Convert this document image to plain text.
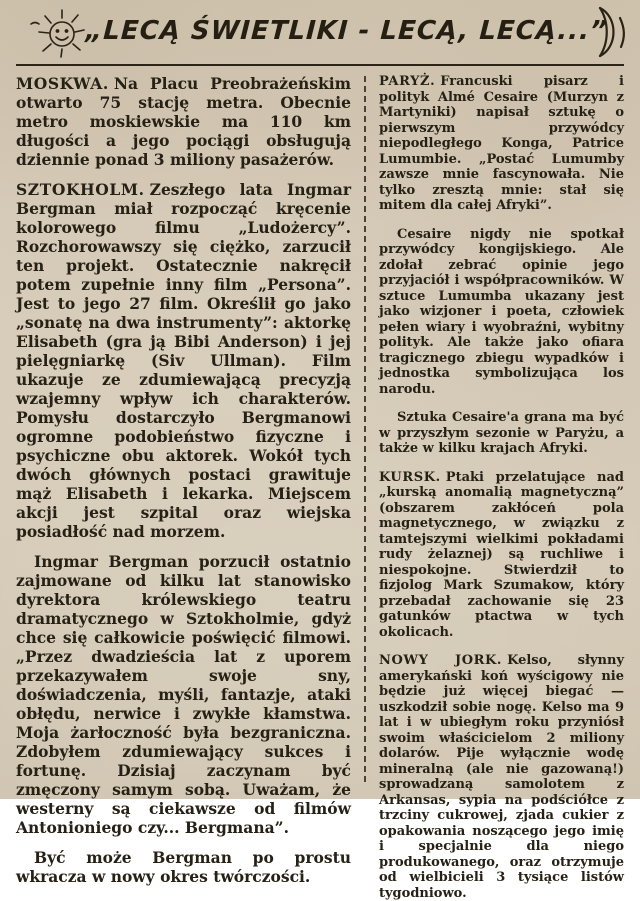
„LECĄ ŚWIETLIKI - LECĄ, LECĄ...”

MOSKWA. Na Placu Preobrażeńskim otwarto 75 stację metra. Obecnie metro moskiewskie ma 110 km długości a jego pociągi obsługują dziennie ponad 3 miliony pasażerów.

SZTOKHOLM. Zeszłego lata Ingmar Bergman miał rozpocząć kręcenie kolorowego filmu „Ludożercy”. Rozchorowawszy się ciężko, zarzucił ten projekt. Ostatecznie nakręcił potem zupełnie inny film „Persona”. Jest to jego 27 film. Określił go jako „sonatę na dwa instrumenty”: aktorkę Elisabeth (gra ją Bibi Anderson) i jej pielęgniarkę (Siv Ullman). Film ukazuje ze zdumiewającą precyzją wzajemny wpływ ich charakterów. Pomysłu dostarczyło Bergmanowi ogromne podobieństwo fizyczne i psychiczne obu aktorek. Wokół tych dwóch głównych postaci grawituje mąż Elisabeth i lekarka. Miejscem akcji jest szpital oraz wiejska posiadłość nad morzem.

Ingmar Bergman porzucił ostatnio zajmowane od kilku lat stanowisko dyrektora królewskiego teatru dramatycznego w Sztokholmie, gdyż chce się całkowicie poświęcić filmowi. „Przez dwadzieścia lat z uporem przekazywałem swoje sny, doświadczenia, myśli, fantazje, ataki obłędu, nerwice i zwykłe kłamstwa. Moja żarłoczność była bezgraniczna. Zdobyłem zdumiewający sukces i fortunę. Dzisiaj zaczynam być zmęczony samym sobą. Uważam, że westerny są ciekawsze od filmów Antonioniego czy... Bergmana”.

Być może Bergman po prostu wkracza w nowy okres twórczości.

PARYŻ. Francuski pisarz i polityk Almé Cesaire (Murzyn z Martyniki) napisał sztukę o pierwszym przywódcy niepodległego Konga, Patrice Lumumbie. „Postać Lumumby zawsze mnie fascynowała. Nie tylko zresztą mnie: stał się mitem dla całej Afryki”.

Cesaire nigdy nie spotkał przywódcy kongijskiego. Ale zdołał zebrać opinie jego przyjaciół i współpracowników. W sztuce Lumumba ukazany jest jako wizjoner i poeta, człowiek pełen wiary i wyobraźni, wybitny polityk. Ale także jako ofiara tragicznego zbiegu wypadków i jednostka symbolizująca los narodu.

Sztuka Cesaire'a grana ma być w przyszłym sezonie w Paryżu, a także w kilku krajach Afryki.

KURSK. Ptaki przelatujące nad „kurską anomalią magnetyczną” (obszarem zakłóceń pola magnetycznego, w związku z tamtejszymi wielkimi pokładami rudy żelaznej) są ruchliwe i niespokojne. Stwierdził to fizjolog Mark Szumakow, który przebadał zachowanie się 23 gatunków ptactwa w tych okolicach.

NOWY JORK. Kelso, słynny amerykański koń wyścigowy nie będzie już więcej biegać — uszkodził sobie nogę. Kelso ma 9 lat i w ubiegłym roku przyniósł swoim właścicielom 2 miliony dolarów. Pije wyłącznie wodę mineralną (ale nie gazowaną!) sprowadzaną samolotem z Arkansas, sypia na podściółce z trzciny cukrowej, zjada cukier z opakowania noszącego jego imię i specjalnie dla niego produkowanego, oraz otrzymuje od wielbicieli 3 tysiące listów tygodniowo.
